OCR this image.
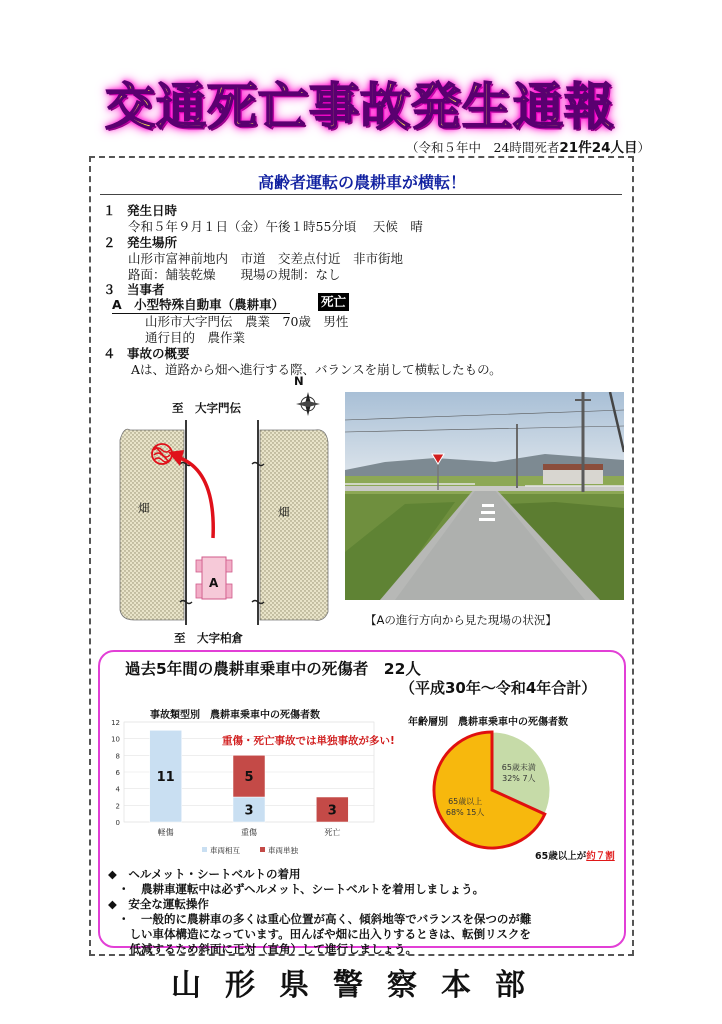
交通死亡事故発生通報
（令和５年中　24時間死者21件24人目）
高齢者運転の農耕車が横転！
１ 発生日時
令和５年９月１日（金）午後１時55分頃　 天候　晴
２ 発生場所
山形市富神前地内　市道　交差点付近　非市街地
路面：舗装乾燥　　現場の規制：なし
３ 当事者
A　小型特殊自動車（農耕車）	死亡
山形市大字門伝　農業　70歳　男性
通行目的　農作業
４ 事故の概要
Aは、道路から畑へ進行する際、バランスを崩して横転したもの。
N
至　大字門伝
至　大字柏倉
畑	畑
A
【Aの進行方向から見た現場の状況】
過去5年間の農耕車乗車中の死傷者　22人
（平成30年～令和4年合計）
事故類型別　農耕車乗車中の死傷者数
0
2
4
6
8
10
12
11
軽傷
3
5
重傷
3
死亡
車両相互	車両単独
重傷・死亡事故では単独事故が多い!
年齢層別　農耕車乗車中の死傷者数
65歳未満
32% 7人
65歳以上
68% 15人
65歳以上が約７割
◆　ヘルメット・シートベルトの着用
・　農耕車運転中は必ずヘルメット、シートベルトを着用しましょう。
◆　安全な運転操作
・　一般的に農耕車の多くは重心位置が高く、傾斜地等でバランスを保つのが難
　しい車体構造になっています。田んぼや畑に出入りするときは、転倒リスクを
　低減するため斜面に正対（直角）して進行しましょう。
山形県警察本部
